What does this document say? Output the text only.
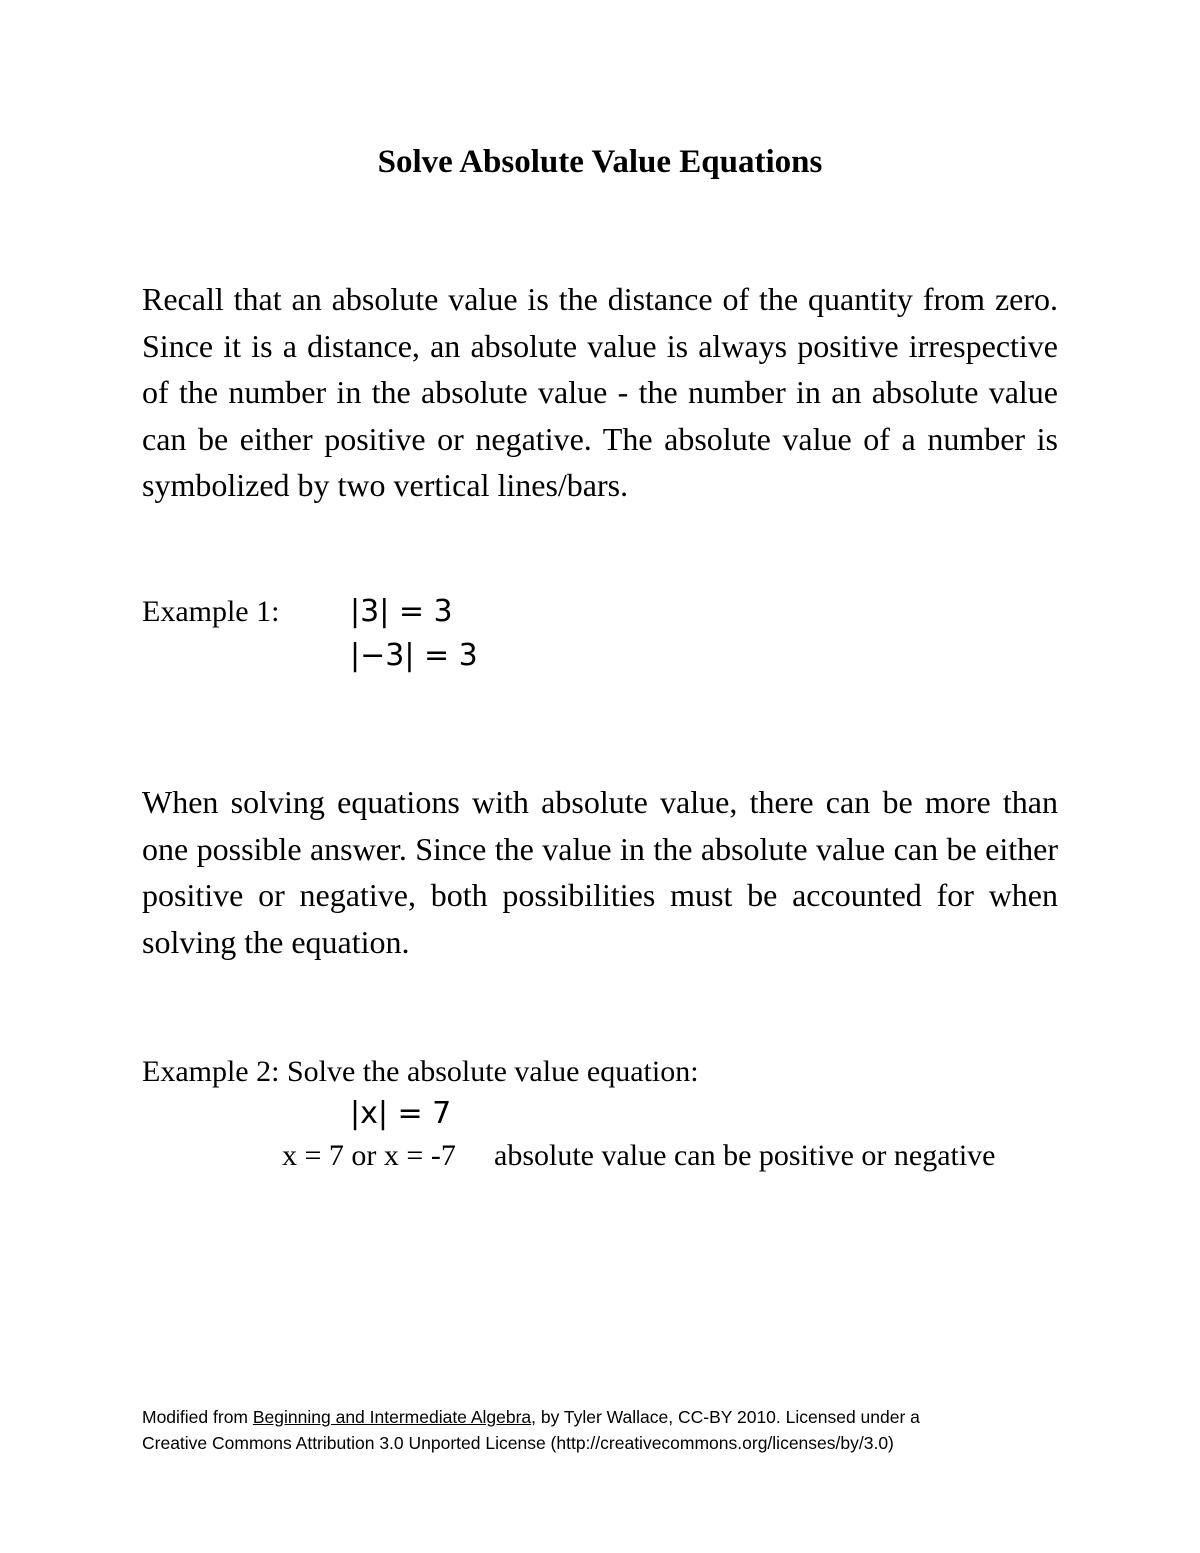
Solve Absolute Value Equations

Recall that an absolute value is the distance of the quantity from zero. Since it is a distance, an absolute value is always positive irrespective of the number in the absolute value - the number in an absolute value can be either positive or negative. The absolute value of a number is symbolized by two vertical lines/bars.

Example 1: |3| = 3
|−3| = 3

When solving equations with absolute value, there can be more than one possible answer. Since the value in the absolute value can be either positive or negative, both possibilities must be accounted for when solving the equation.

Example 2: Solve the absolute value equation:
|x| = 7
x = 7 or x = -7 absolute value can be positive or negative
Modified from Beginning and Intermediate Algebra, by Tyler Wallace, CC-BY 2010. Licensed under a
Creative Commons Attribution 3.0 Unported License (http://creativecommons.org/licenses/by/3.0)
